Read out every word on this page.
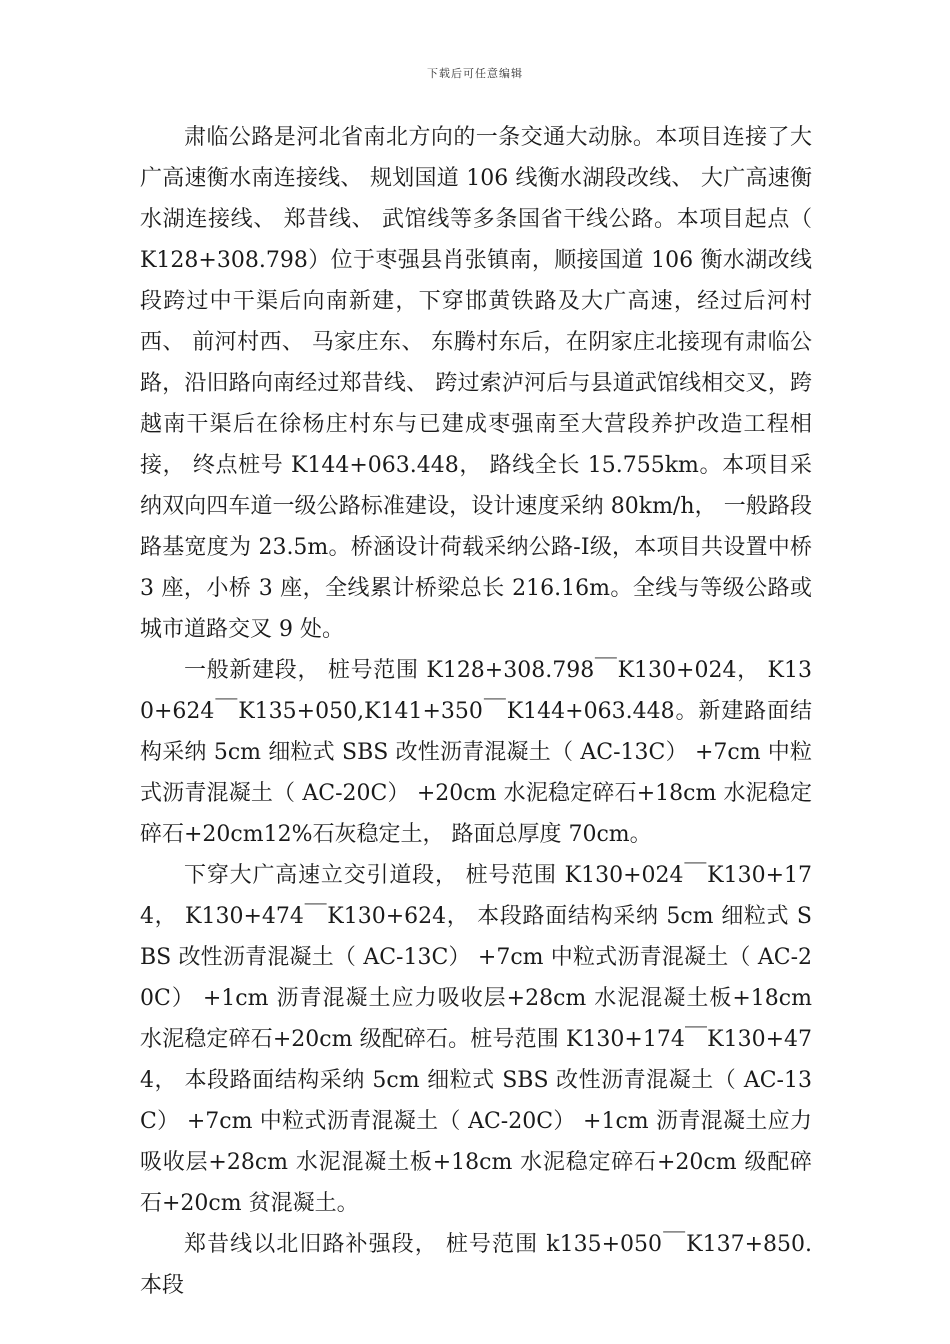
下载后可任意编辑

肃临公路是河北省南北方向的一条交通大动脉。本项目连接了大广高速衡水南连接线、 规划国道 106 线衡水湖段改线、 大广高速衡水湖连接线、 郑昔线、 武馆线等多条国省干线公路。本项目起点（ K128+308.798）位于枣强县肖张镇南，顺接国道 106 衡水湖改线段跨过中干渠后向南新建，下穿邯黄铁路及大广高速，经过后河村西、 前河村西、 马家庄东、 东腾村东后，在阴家庄北接现有肃临公路，沿旧路向南经过郑昔线、 跨过索泸河后与县道武馆线相交叉，跨越南干渠后在徐杨庄村东与已建成枣强南至大营段养护改造工程相接， 终点桩号 K144+063.448， 路线全长 15.755km。本项目采纳双向四车道一级公路标准建设，设计速度采纳 80km/h， 一般路段路基宽度为 23.5m。桥涵设计荷载采纳公路-Ⅰ级，本项目共设置中桥 3 座，小桥 3 座，全线累计桥梁总长 216.16m。全线与等级公路或城市道路交叉 9 处。

一般新建段， 桩号范围 K128+308.798￣K130+024， K130+624￣K135+050,K141+350￣K144+063.448。新建路面结构采纳 5cm 细粒式 SBS 改性沥青混凝土（ AC-13C） +7cm 中粒式沥青混凝土（ AC-20C） +20cm 水泥稳定碎石+18cm 水泥稳定碎石+20cm12%石灰稳定土， 路面总厚度 70cm。

下穿大广高速立交引道段， 桩号范围 K130+024￣K130+174， K130+474￣K130+624， 本段路面结构采纳 5cm 细粒式 SBS 改性沥青混凝土（ AC-13C） +7cm 中粒式沥青混凝土（ AC-20C） +1cm 沥青混凝土应力吸收层+28cm 水泥混凝土板+18cm 水泥稳定碎石+20cm 级配碎石。桩号范围 K130+174￣K130+474， 本段路面结构采纳 5cm 细粒式 SBS 改性沥青混凝土（ AC-13C） +7cm 中粒式沥青混凝土（ AC-20C） +1cm 沥青混凝土应力吸收层+28cm 水泥混凝土板+18cm 水泥稳定碎石+20cm 级配碎石+20cm 贫混凝土。

郑昔线以北旧路补强段， 桩号范围 k135+050￣K137+850. 本段
